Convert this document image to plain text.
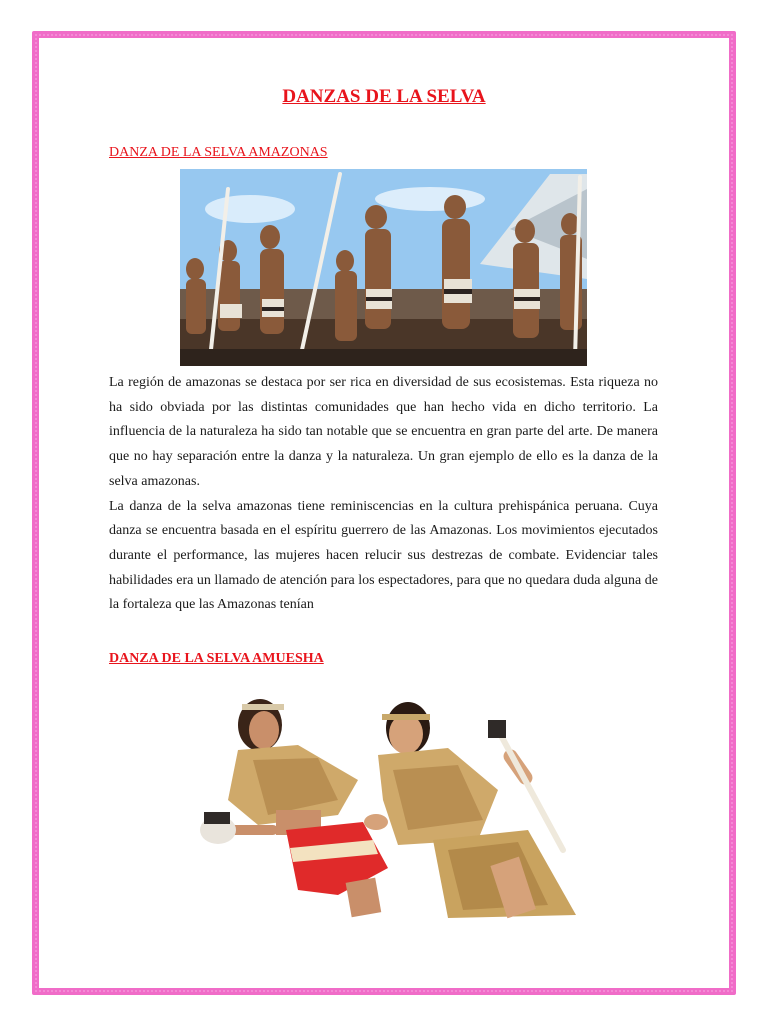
DANZAS DE LA SELVA
DANZA DE LA SELVA AMAZONAS

La región de amazonas se destaca por ser rica en diversidad de sus ecosistemas. Esta riqueza no ha sido obviada por las distintas comunidades que han hecho vida en dicho territorio. La influencia de la naturaleza ha sido tan notable que se encuentra en gran parte del arte. De manera que no hay separación entre la danza y la naturaleza. Un gran ejemplo de ello es la danza de la selva amazonas.

La danza de la selva amazonas tiene reminiscencias en la cultura prehispánica peruana. Cuya danza se encuentra basada en el espíritu guerrero de las Amazonas. Los movimientos ejecutados durante el performance, las mujeres hacen relucir sus destrezas de combate. Evidenciar tales habilidades era un llamado de atención para los espectadores, para que no quedara duda alguna de la fortaleza que las Amazonas tenían

DANZA DE LA SELVA AMUESHA
